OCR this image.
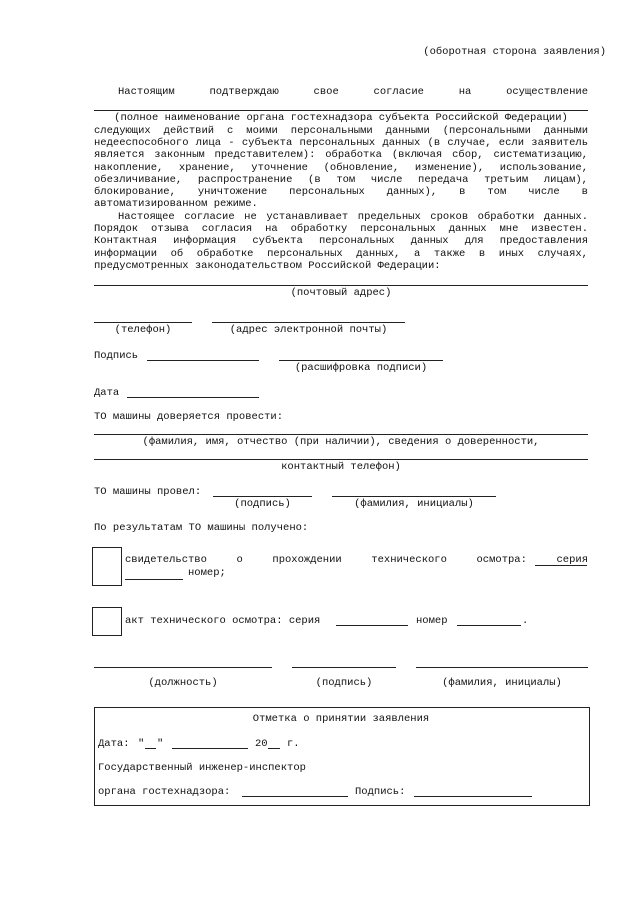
(оборотная сторона заявления)
Настоящим подтверждаю свое согласие на осуществление
(полное наименование органа гостехнадзора субъекта Российской Федерации)
следующих действий с моими персональными данными (персональными данными недееспособного лица - субъекта персональных данных (в случае, если заявитель является законным представителем): обработка (включая сбор, систематизацию, накопление, хранение, уточнение (обновление, изменение), использование, обезличивание, распространение (в том числе передача третьим лицам), блокирование, уничтожение персональных данных), в том числе в автоматизированном режиме.
Настоящее согласие не устанавливает предельных сроков обработки данных. Порядок отзыва согласия на обработку персональных данных мне известен. Контактная информация субъекта персональных данных для предоставления информации об обработке персональных данных, а также в иных случаях, предусмотренных законодательством Российской Федерации:
(почтовый адрес)
(телефон)	(адрес электронной почты)
Подпись
(расшифровка подписи)
Дата
ТО машины доверяется провести:
(фамилия, имя, отчество (при наличии), сведения о доверенности,
контактный телефон)
ТО машины провел:
(подпись)	(фамилия, инициалы)
По результатам ТО машины получено:
свидетельство о прохождении технического осмотра: серия
номер;
акт технического осмотра: серия	номер	.
(должность)	(подпись)	(фамилия, инициалы)
Отметка о принятии заявления
Дата: " "	20 г.
Государственный инженер-инспектор
органа гостехнадзора:	Подпись:
